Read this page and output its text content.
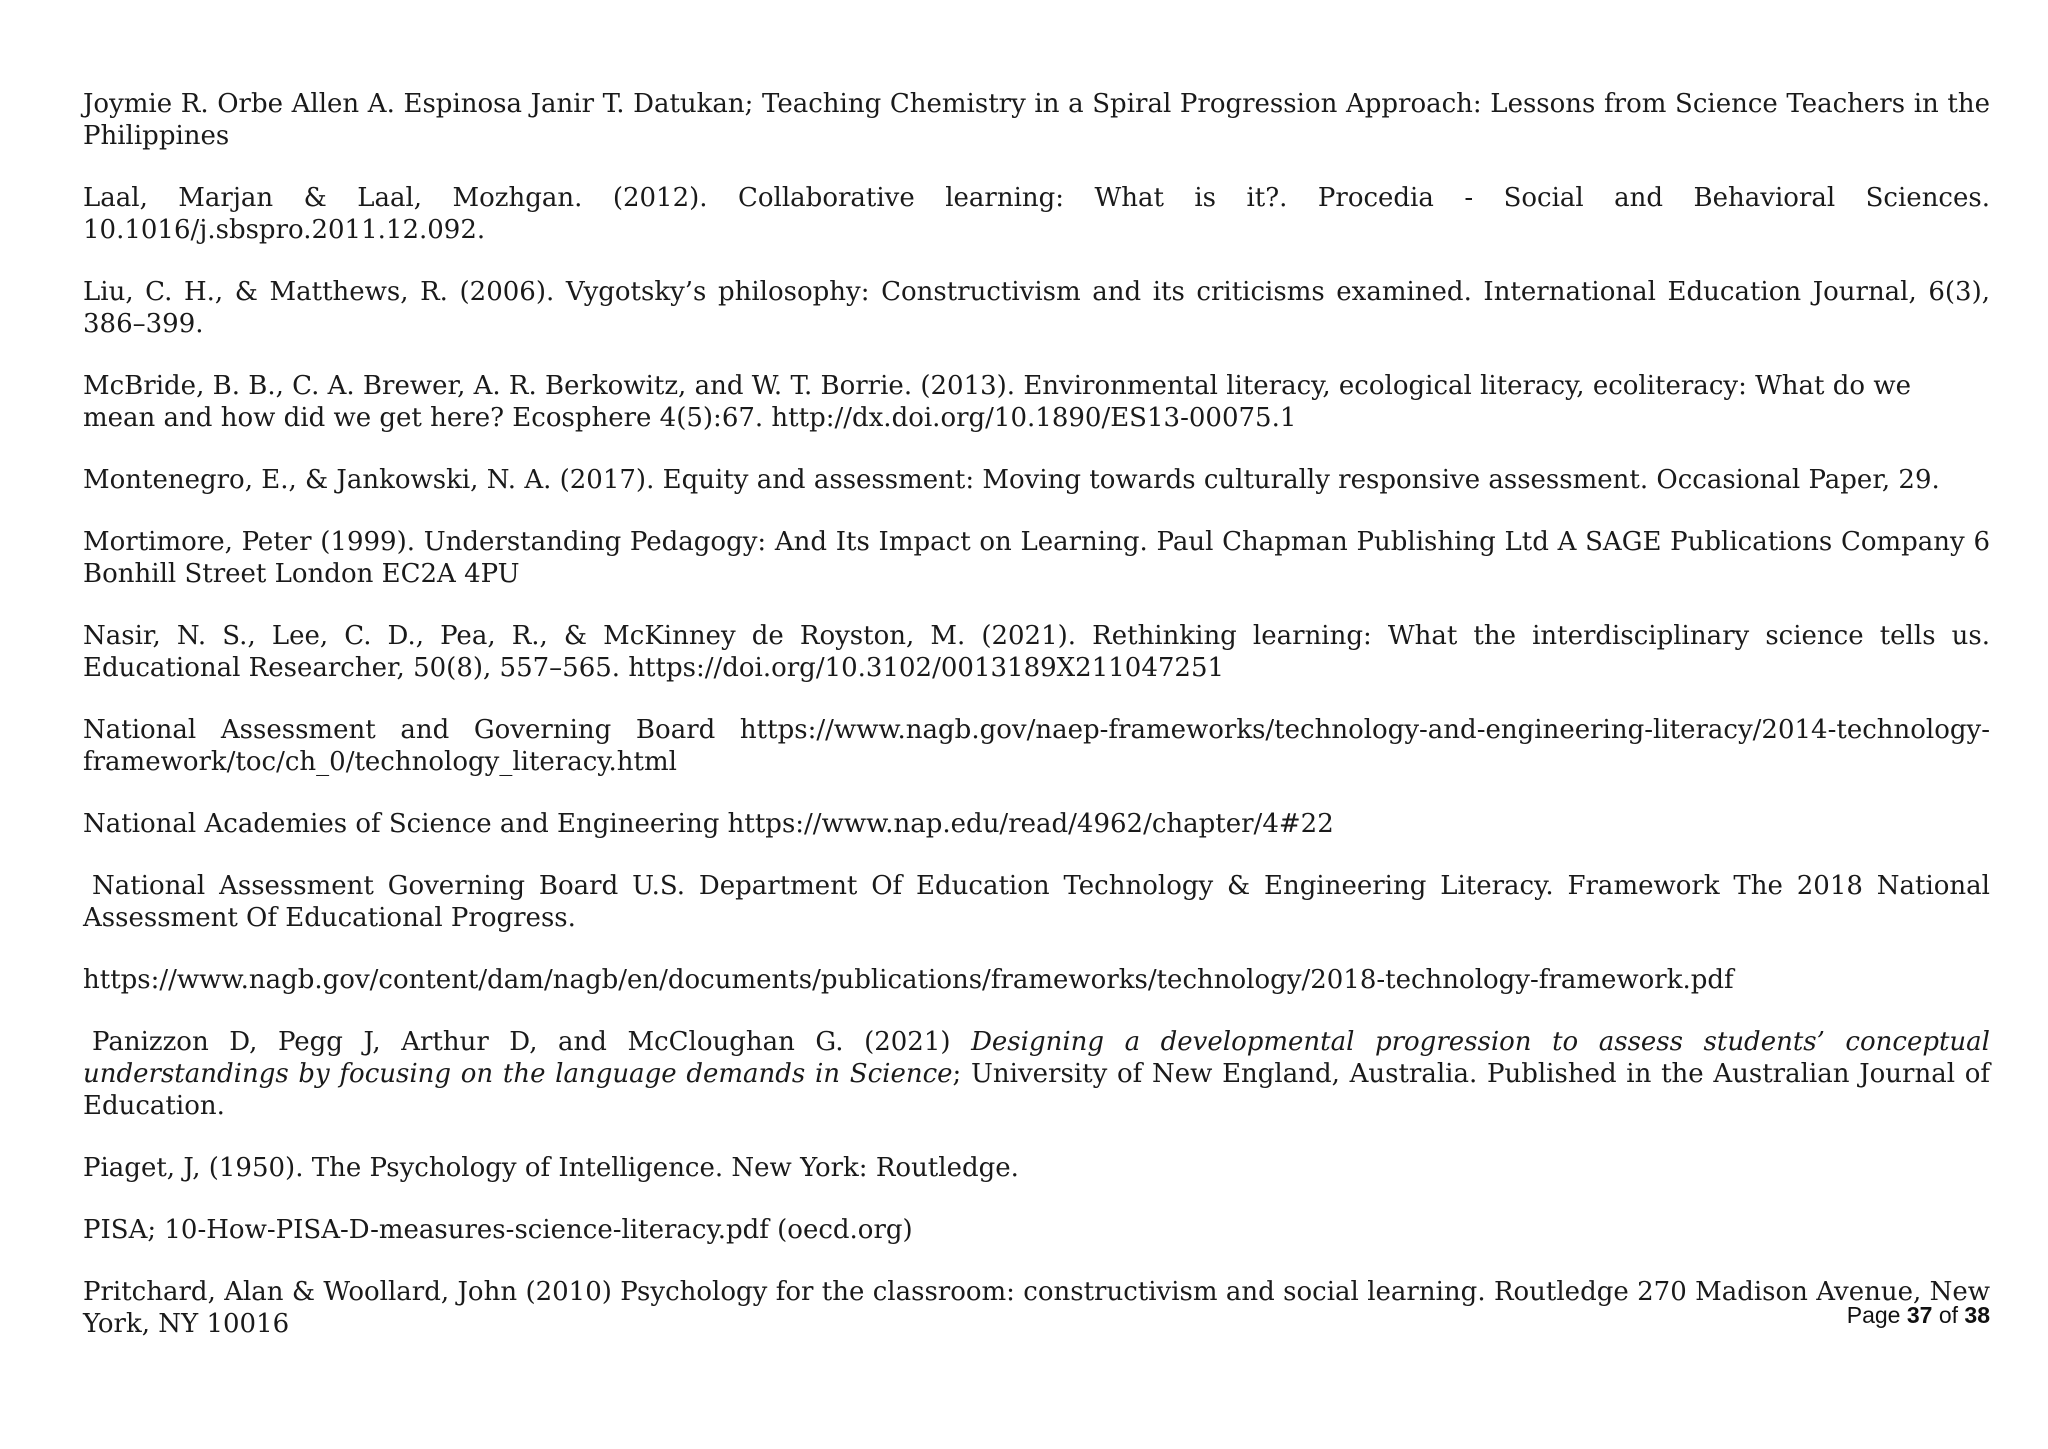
Joymie R. Orbe Allen A. Espinosa Janir T. Datukan; Teaching Chemistry in a Spiral Progression Approach: Lessons from Science Teachers in the Philippines

Laal, Marjan & Laal, Mozhgan. (2012). Collaborative learning: What is it?. Procedia - Social and Behavioral Sciences. 10.1016/j.sbspro.2011.12.092.

Liu, C. H., & Matthews, R. (2006). Vygotsky’s philosophy: Constructivism and its criticisms examined. International Education Journal, 6(3), 386–399.

McBride, B. B., C. A. Brewer, A. R. Berkowitz, and W. T. Borrie. (2013). Environmental literacy, ecological literacy, ecoliteracy: What do we mean and how did we get here? Ecosphere 4(5):67. http://dx.doi.org/10.1890/ES13-00075.1

Montenegro, E., & Jankowski, N. A. (2017). Equity and assessment: Moving towards culturally responsive assessment. Occasional Paper, 29.

Mortimore, Peter (1999). Understanding Pedagogy: And Its Impact on Learning. Paul Chapman Publishing Ltd A SAGE Publications Company 6 Bonhill Street London EC2A 4PU

Nasir, N. S., Lee, C. D., Pea, R., & McKinney de Royston, M. (2021). Rethinking learning: What the interdisciplinary science tells us. Educational Researcher, 50(8), 557–565. https://doi.org/10.3102/0013189X211047251

National Assessment and Governing Board https://www.nagb.gov/naep-frameworks/technology-and-engineering-literacy/2014-technology-framework/toc/ch_0/technology_literacy.html

National Academies of Science and Engineering https://www.nap.edu/read/4962/chapter/4#22

National Assessment Governing Board U.S. Department Of Education Technology & Engineering Literacy. Framework The 2018 National Assessment Of Educational Progress.

https://www.nagb.gov/content/dam/nagb/en/documents/publications/frameworks/technology/2018-technology-framework.pdf

Panizzon D, Pegg J, Arthur D, and McCloughan G. (2021) Designing a developmental progression to assess students’ conceptual understandings by focusing on the language demands in Science; University of New England, Australia. Published in the Australian Journal of Education.

Piaget, J, (1950). The Psychology of Intelligence. New York: Routledge.

PISA; 10-How-PISA-D-measures-science-literacy.pdf (oecd.org)

Pritchard, Alan & Woollard, John (2010) Psychology for the classroom: constructivism and social learning. Routledge 270 Madison Avenue, New York, NY 10016	Page 37 of 38
